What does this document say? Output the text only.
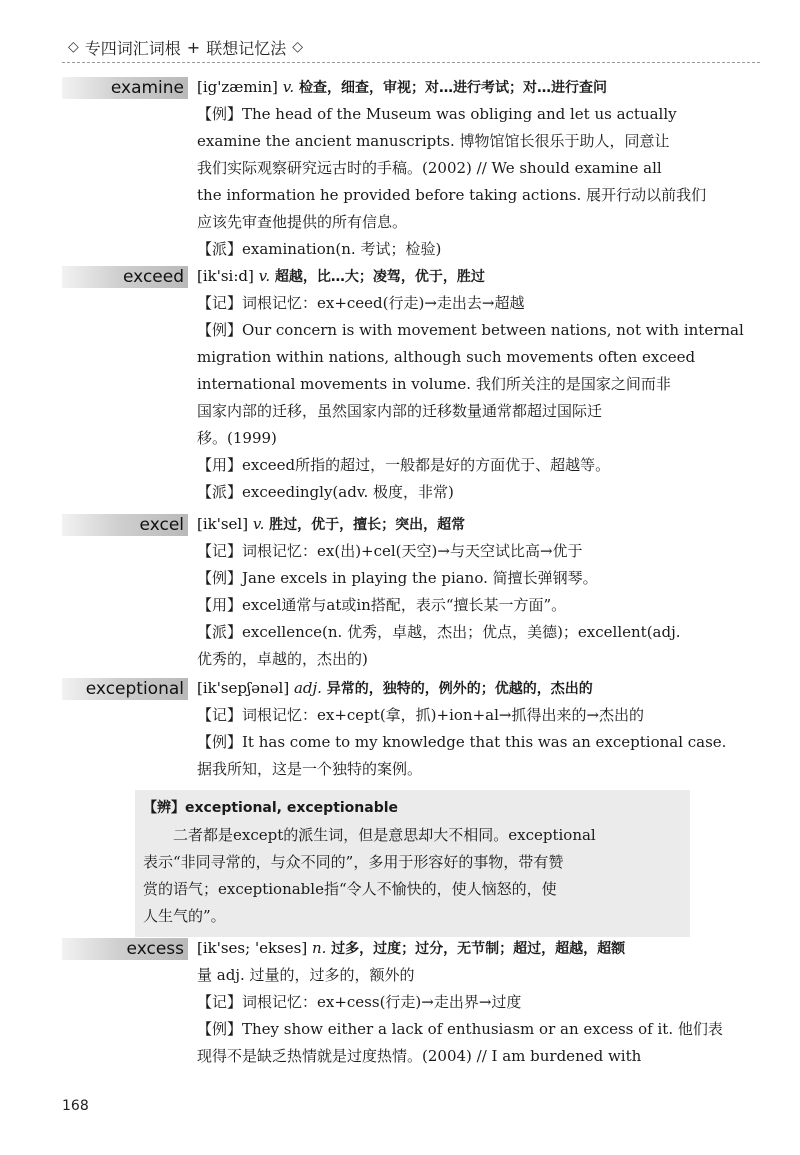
◇ 专四词汇词根 + 联想记忆法 ◇
examine [ig'zæmin] v. 检查，细查，审视；对…进行考试；对…进行查问
【例】The head of the Museum was obliging and let us actually
examine the ancient manuscripts. 博物馆馆长很乐于助人，同意让
我们实际观察研究远古时的手稿。(2002) // We should examine all
the information he provided before taking actions. 展开行动以前我们
应该先审查他提供的所有信息。
【派】examination(n. 考试；检验)
exceed [ik'si:d] v. 超越，比…大；凌驾，优于，胜过
【记】词根记忆：ex+ceed(行走)→走出去→超越
【例】Our concern is with movement between nations, not with internal
migration within nations, although such movements often exceed
international movements in volume. 我们所关注的是国家之间而非
国家内部的迁移，虽然国家内部的迁移数量通常都超过国际迁
移。(1999)
【用】exceed所指的超过，一般都是好的方面优于、超越等。
【派】exceedingly(adv. 极度，非常)
excel [ik'sel] v. 胜过，优于，擅长；突出，超常
【记】词根记忆：ex(出)+cel(天空)→与天空试比高→优于
【例】Jane excels in playing the piano. 简擅长弹钢琴。
【用】excel通常与at或in搭配，表示“擅长某一方面”。
【派】excellence(n. 优秀，卓越，杰出；优点，美德)；excellent(adj.
优秀的，卓越的，杰出的)
exceptional [ik'sepʃənəl] adj. 异常的，独特的，例外的；优越的，杰出的
【记】词根记忆：ex+cept(拿，抓)+ion+al→抓得出来的→杰出的
【例】It has come to my knowledge that this was an exceptional case.
据我所知，这是一个独特的案例。
【辨】exceptional, exceptionable
二者都是except的派生词，但是意思却大不相同。exceptional
表示“非同寻常的，与众不同的”，多用于形容好的事物，带有赞
赏的语气；exceptionable指“令人不愉快的，使人恼怒的，使
人生气的”。
excess [ik'ses; 'ekses] n. 过多，过度；过分，无节制；超过，超越，超额
量 adj. 过量的，过多的，额外的
【记】词根记忆：ex+cess(行走)→走出界→过度
【例】They show either a lack of enthusiasm or an excess of it. 他们表
现得不是缺乏热情就是过度热情。(2004) // I am burdened with
168
